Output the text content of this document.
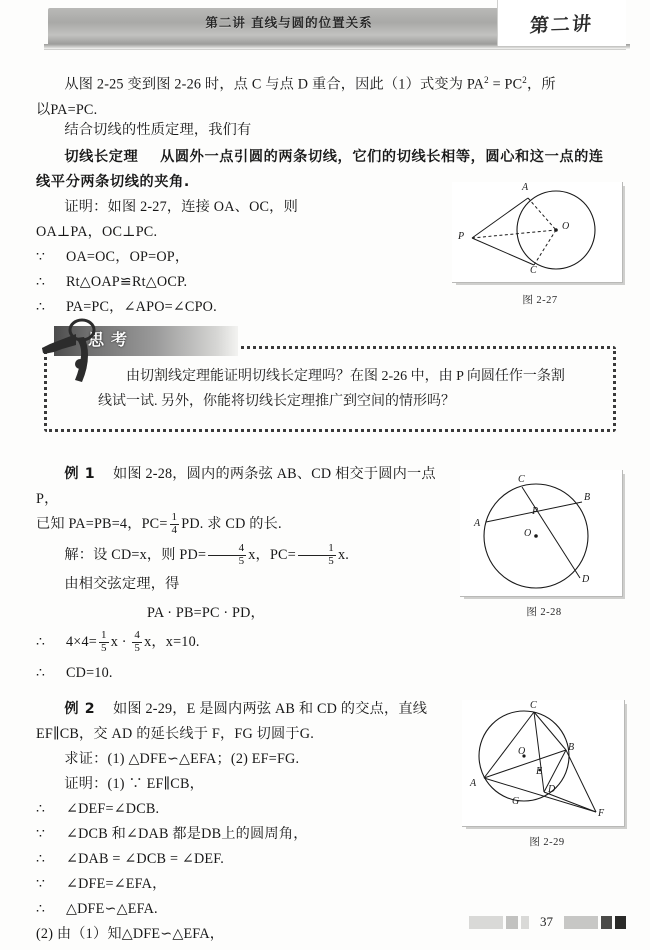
第二讲 直线与圆的位置关系	第二讲
从图 2-25 变到图 2-26 时，点 C 与点 D 重合，因此（1）式变为 $PA^2 = PC^2$，所
以PA=PC.
结合切线的性质定理，我们有
切线长定理 从圆外一点引圆的两条切线，它们的切线长相等，圆心和这一点的连
线平分两条切线的夹角.
证明：如图 2-27，连接 OA、OC，则
OA⊥PA，OC⊥PC.
∵ OA=OC，OP=OP，
∴ Rt△OAP≌Rt△OCP.
∴ PA=PC，∠APO=∠CPO.
A
O
P
C
图 2-27
思考
由切割线定理能证明切线长定理吗？在图 2-26 中，由 P 向圆任作一条割
线试一试. 另外，你能将切线长定理推广到空间的情形吗？
例 1 如图 2-28，圆内的两条弦 AB、CD 相交于圆内一点 P，
已知 PA=PB=4，$PC= \frac{1}{4}$ PD. 求 CD 的长.
解：设 CD=x，则 $PD= \frac{4}{5}$ x，$PC= \frac{1}{5} x$.
由相交弦定理，得
PA · PB=PC · PD，
∴ $4\times 4= \frac{1}{5}$ $x \cdot \frac{4}{5}$ x，x=10.
∴ CD=10.
A
B
C
D
O
P
图 2-28
例 2 如图 2-29，E 是圆内两弦 AB 和 CD 的交点，直线
EF∥CB，交 AD 的延长线于 F，FG 切圆于G.
求证：(1) △DFE∽△EFA；(2) EF=FG.
证明：(1) ∵ EF∥CB，
∴ ∠DEF=∠DCB.
∵ ∠DCB 和∠DAB 都是DB上的圆周角，
∴ ∠DAB = ∠DCB = ∠DEF.
∵ ∠DFE=∠EFA，
∴ △DFE∽△EFA.
(2) 由（1）知△DFE∽△EFA，
A
B
C
D
E
F
G
O
图 2-29
37
